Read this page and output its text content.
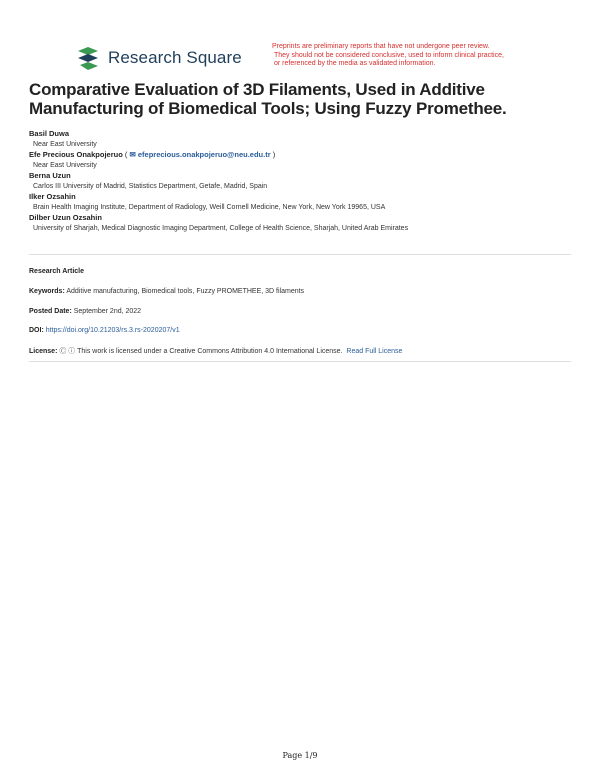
Research Square
Preprints are preliminary reports that have not undergone peer review.
They should not be considered conclusive, used to inform clinical practice,
or referenced by the media as validated information.
Comparative Evaluation of 3D Filaments, Used in Additive Manufacturing of Biomedical Tools; Using Fuzzy Promethee.
Basil Duwa
Near East University
Efe Precious Onakpojeruo ( ✉ efeprecious.onakpojeruo@neu.edu.tr )
Near East University
Berna Uzun
Carlos III University of Madrid, Statistics Department, Getafe, Madrid, Spain
Ilker Ozsahin
Brain Health Imaging Institute, Department of Radiology, Weill Cornell Medicine, New York, New York 19965, USA
Dilber Uzun Ozsahin
University of Sharjah, Medical Diagnostic Imaging Department, College of Health Science, Sharjah, United Arab Emirates
Research Article
Keywords: Additive manufacturing, Biomedical tools, Fuzzy PROMETHEE, 3D filaments
Posted Date: September 2nd, 2022
DOI: https://doi.org/10.21203/rs.3.rs-2020207/v1
License: Ⓒ ⓘ This work is licensed under a Creative Commons Attribution 4.0 International License. Read Full License
Page 1/9
